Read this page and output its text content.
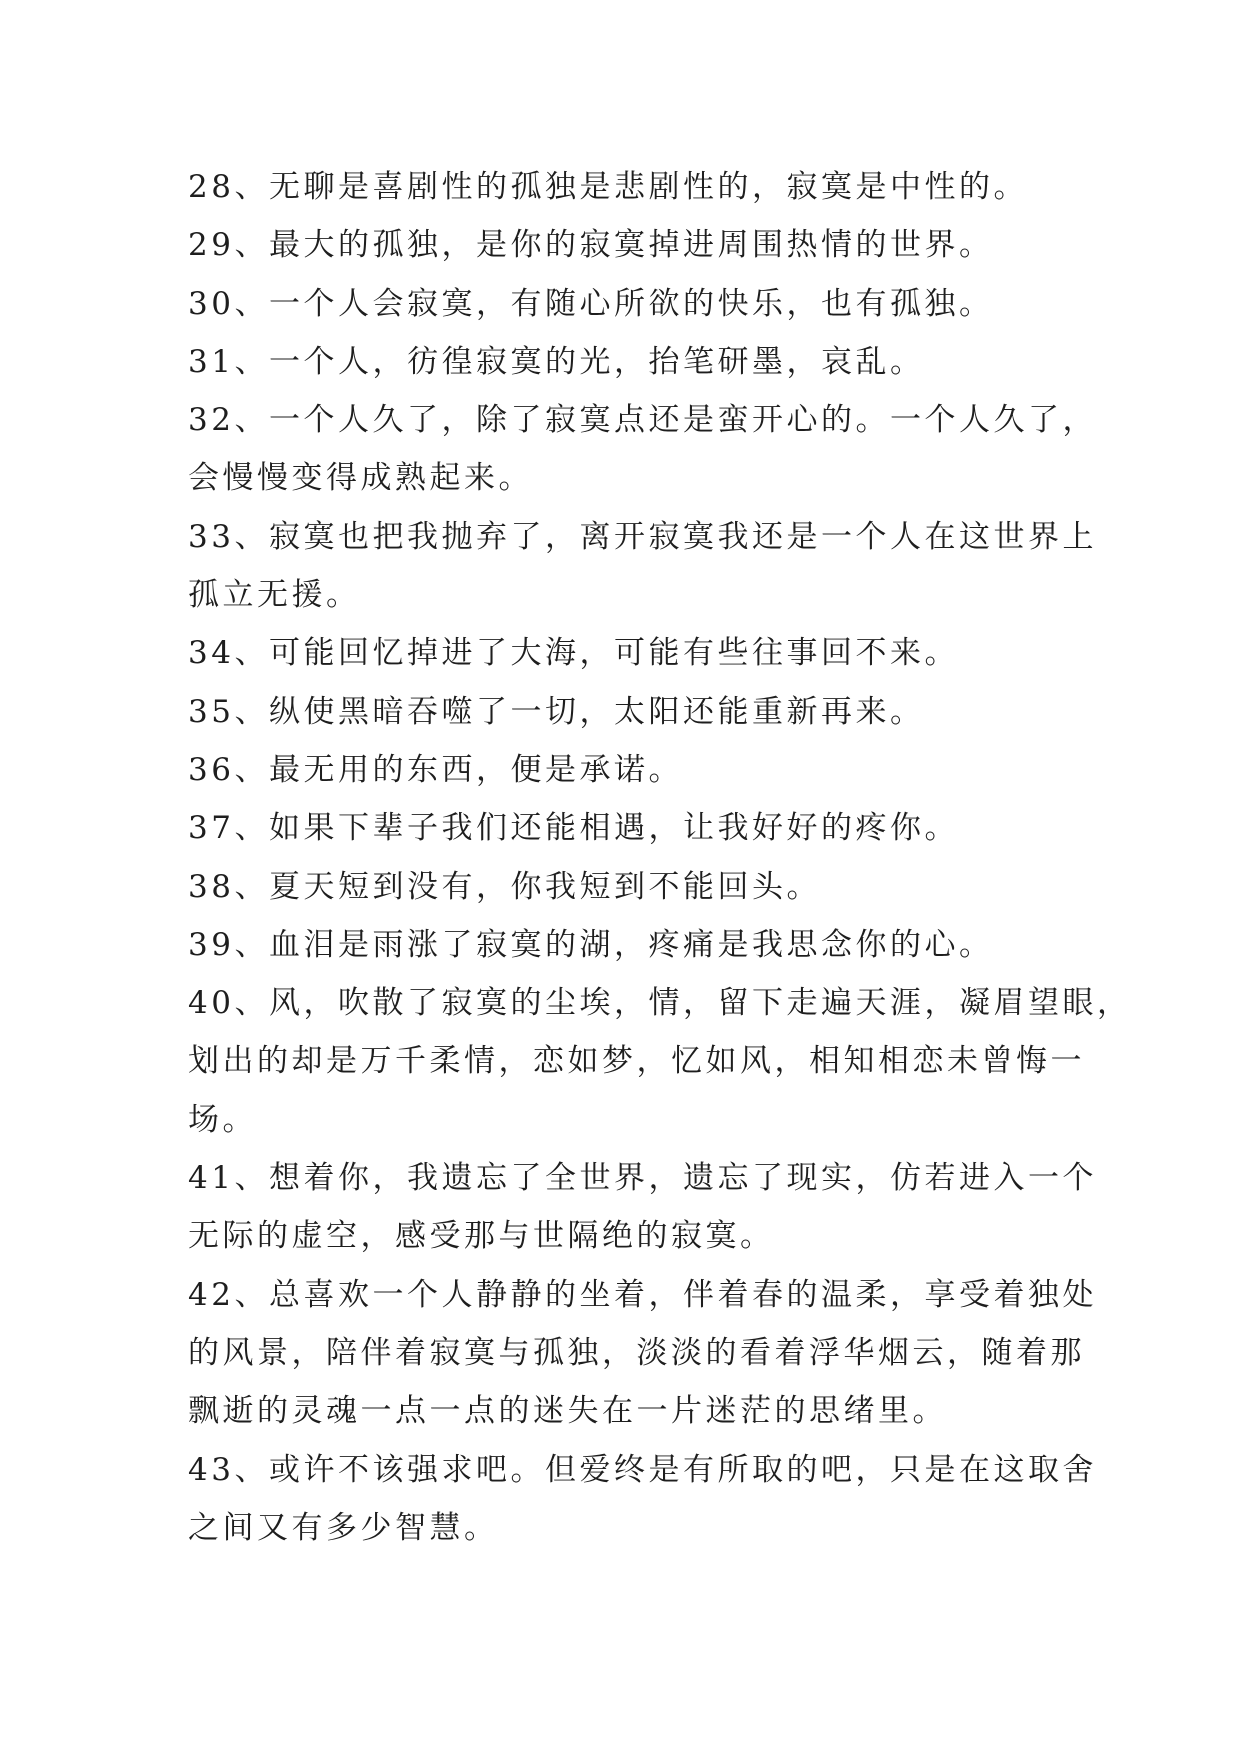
28、无聊是喜剧性的孤独是悲剧性的，寂寞是中性的。
29、最大的孤独，是你的寂寞掉进周围热情的世界。
30、一个人会寂寞，有随心所欲的快乐，也有孤独。
31、一个人，彷徨寂寞的光，抬笔研墨，哀乱。
32、一个人久了，除了寂寞点还是蛮开心的。一个人久了，
会慢慢变得成熟起来。
33、寂寞也把我抛弃了，离开寂寞我还是一个人在这世界上
孤立无援。
34、可能回忆掉进了大海，可能有些往事回不来。
35、纵使黑暗吞噬了一切，太阳还能重新再来。
36、最无用的东西，便是承诺。
37、如果下辈子我们还能相遇，让我好好的疼你。
38、夏天短到没有，你我短到不能回头。
39、血泪是雨涨了寂寞的湖，疼痛是我思念你的心。
40、风，吹散了寂寞的尘埃，情，留下走遍天涯，凝眉望眼，
划出的却是万千柔情，恋如梦，忆如风，相知相恋未曾悔一
场。
41、想着你，我遗忘了全世界，遗忘了现实，仿若进入一个
无际的虚空，感受那与世隔绝的寂寞。
42、总喜欢一个人静静的坐着，伴着春的温柔，享受着独处
的风景，陪伴着寂寞与孤独，淡淡的看着浮华烟云，随着那
飘逝的灵魂一点一点的迷失在一片迷茫的思绪里。
43、或许不该强求吧。但爱终是有所取的吧，只是在这取舍
之间又有多少智慧。
